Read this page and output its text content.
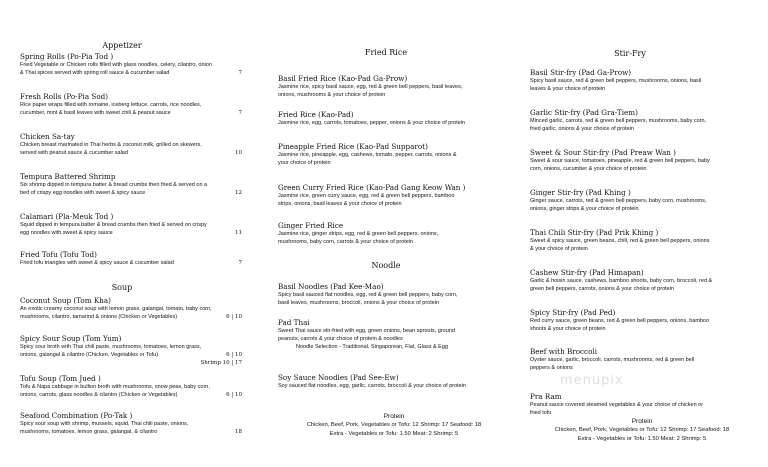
Appetizer
Soup
Fried Rice
Noodle
Stir-Fry
Spring Rolls (Po-Pia Tod )
Fried Vegetable or Chicken rolls filled with glass noodles, celery, cilantro, onion & Thai spices served with spring roll sauce & cucumber salad	7
Fresh Rolls (Po-Pia Sod)
Rice paper wraps filled with romaine, iceberg lettuce, carrots, rice noodles, cucumber, mint & basil leaves with sweet chili & peanut sauce	7
Chicken Sa-tay
Chicken breast marinated in Thai herbs & coconut milk, grilled on skewers, served with peanut sauce & cucumber salad	10
Tempura Battered Shrimp
Six shrimp dipped in tempura batter & bread crumbs then fried & served on a bed of crispy egg noodles with sweet & spicy sauce	12
Calamari (Pla-Meuk Tod )
Squid dipped in tempura batter & bread crumbs then fried & served on crispy egg noodles with sweet & spicy sauce	11
Fried Tofu (Tofu Tod)
Fried tofu triangles with sweet & spicy sauce & cucumber salad	7
Coconut Soup (Tom Kha)
An exotic creamy coconut soup with lemon grass, galangal, tomato, baby corn, mushrooms, cilantro, tamarind & onions (Chicken or Vegetables)	6 | 10
Spicy Sour Soup (Tom Yum)
Spicy sour broth with Thai chili paste, mushrooms, tomatoes, lemon grass, onions, galangal & cilantro (Chicken, Vegetables or Tofu)	6 | 10
Shrimp 10 | 17
Tofu Soup (Tom Jued )
Tofu & Napa cabbage in bullion broth with mushrooms, snow peas, baby corn, onions, carrots, glass noodles & cilantro (Chicken or Vegetables)	6 | 10
Seafood Combination (Po-Tak )
Spicy sour soup with shrimp, mussels, squid, Thai chili paste, onions, mushrooms, tomatoes, lemon grass, galangal, & cilantro	18
Basil Fried Rice (Kao-Pad Ga-Prow)
Jasmine rice, spicy basil sauce, egg, red & green bell peppers, basil leaves, onions, mushrooms & your choice of protein
Fried Rice (Kao-Pad)
Jasmine rice, egg, carrots, tomatoes, pepper, onions & your choice of protein
Pineapple Fried Rice (Kao-Pad Supparot)
Jasmine rice, pineapple, egg, cashews, tomato, pepper, carrots, onions & your choice of protein
Green Curry Fried Rice (Kao-Pad Gang Keow Wan )
Jasmine rice, green curry sauce, egg, red & green bell peppers, bamboo strips, onions, basil leaves & your choice of protein
Ginger Fried Rice
Jasmine rice, ginger strips, egg, red & green bell peppers, onions, mushrooms, baby corn, carrots & your choice of protein
Basil Noodles (Pad Kee-Mao)
Spicy basil sauced flat noodles, egg, red & green bell peppers, baby corn, basil leaves, mushrooms, broccoli, onions & your choice of protein
Pad Thai
Sweet Thai sauce stir-fried with egg, green onions, bean sprouts, ground peanuts, carrots & your choice of protein & noodles
Noodle Selection - Traditional, Singaporean, Flat, Glass & Egg
Soy Sauce Noodles (Pad See-Ew)
Soy sauced flat noodles, egg, garlic, carrots, broccoli & your choice of protein
Basil Stir-fry (Pad Ga-Prow)
Spicy basil sauce, red & green bell peppers, mushrooms, onions, basil leaves & your choice of protein
Garlic Stir-fry (Pad Gra-Tiem)
Minced garlic, carrots, red & green bell peppers, mushrooms, baby corn, fried garlic, onions & your choice of protein
Sweet & Sour Stir-fry (Pad Preaw Wan )
Sweet & sour sauce, tomatoes, pineapple, red & green bell peppers, baby corn, onions, cucumber & your choice of protein
Ginger Stir-fry (Pad Khing )
Ginger sauce, carrots, red & green bell peppers, baby corn, mushrooms, onions, ginger strips & your choice of protein
Thai Chili Stir-fry (Pad Prik Khing )
Sweet & spicy sauce, green beans, chili, red & green bell peppers, onions & your choice of protein
Cashew Stir-fry (Pad Himapan)
Garlic & hoisin sauce, cashews, bamboo shoots, baby corn, broccoli, red & green bell peppers, carrots, onions & your choice of protein
Spicy Stir-fry (Pad Ped)
Red curry sauce, green beans, red & green bell peppers, onions, bamboo shoots & your choice of protein
Beef with Broccoli
Oyster sauce, garlic, broccoli, carrots, mushrooms, red & green bell peppers & onions
Pra Ram
Peanut sauce covered steamed vegetables & your choice of chicken or fried tofu
Protein
Chicken, Beef, Pork, Vegetables or Tofu: 12 Shrimp: 17 Seafood: 18
Extra - Vegetables or Tofu: 1.50 Meat: 2 Shrimp: 5
Protein
Chicken, Beef, Pork, Vegetables or Tofu: 12 Shrimp: 17 Seafood: 18
Extra - Vegetables or Tofu: 1.50 Meat: 2 Shrimp: 5
menupix
